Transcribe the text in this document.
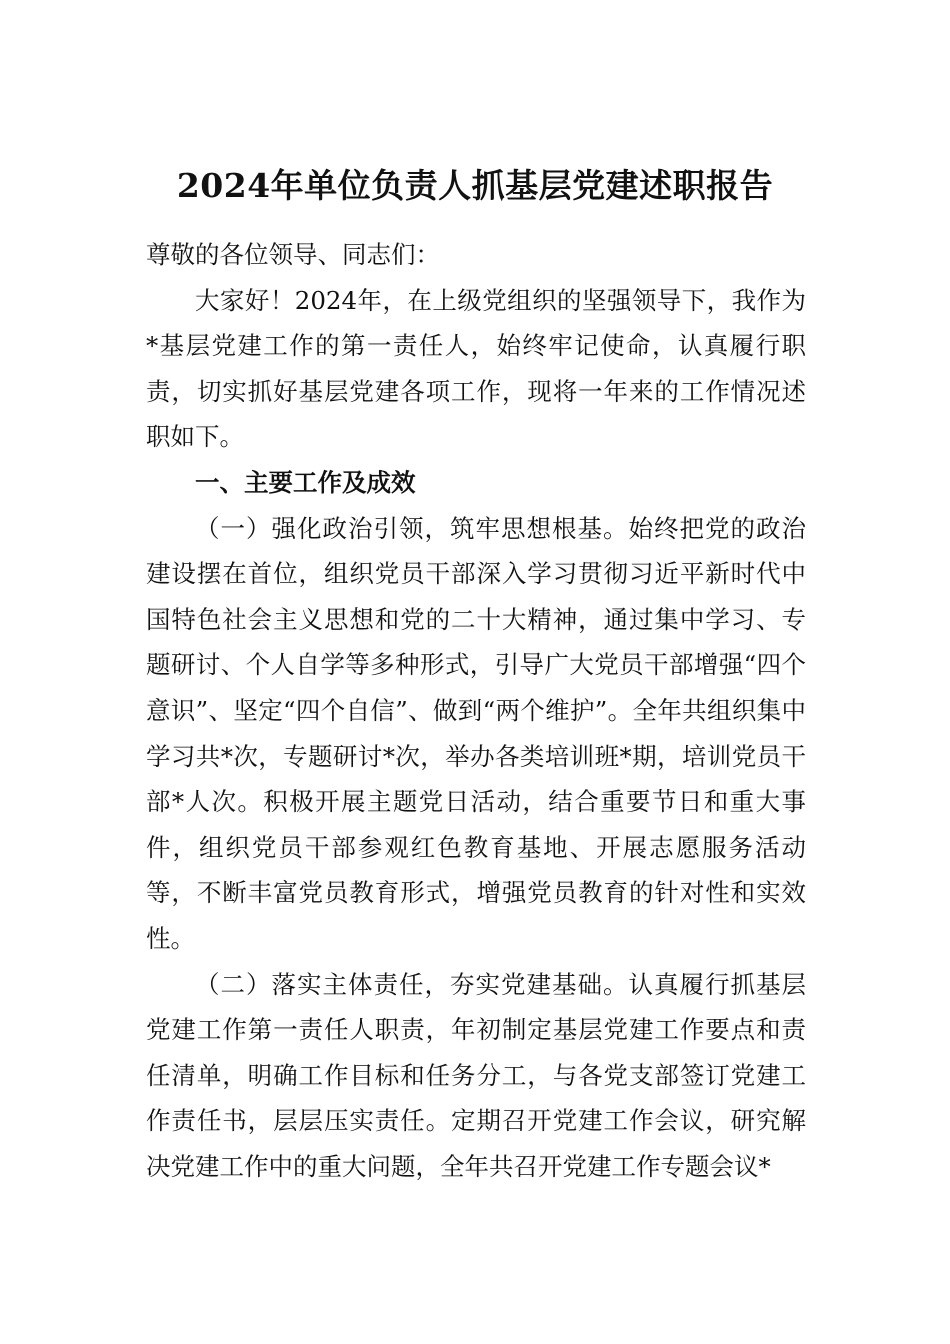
2024年单位负责人抓基层党建述职报告

尊敬的各位领导、同志们：

大家好！2024年，在上级党组织的坚强领导下，我作为*基层党建工作的第一责任人，始终牢记使命，认真履行职责，切实抓好基层党建各项工作，现将一年来的工作情况述职如下。

一、主要工作及成效

（一）强化政治引领，筑牢思想根基。始终把党的政治建设摆在首位，组织党员干部深入学习贯彻习近平新时代中国特色社会主义思想和党的二十大精神，通过集中学习、专题研讨、个人自学等多种形式，引导广大党员干部增强“四个意识”、坚定“四个自信”、做到“两个维护”。全年共组织集中学习共*次，专题研讨*次，举办各类培训班*期，培训党员干部*人次。积极开展主题党日活动，结合重要节日和重大事件，组织党员干部参观红色教育基地、开展志愿服务活动等，不断丰富党员教育形式，增强党员教育的针对性和实效性。

（二）落实主体责任，夯实党建基础。认真履行抓基层党建工作第一责任人职责，年初制定基层党建工作要点和责任清单，明确工作目标和任务分工，与各党支部签订党建工作责任书，层层压实责任。定期召开党建工作会议，研究解决党建工作中的重大问题，全年共召开党建工作专题会议*
